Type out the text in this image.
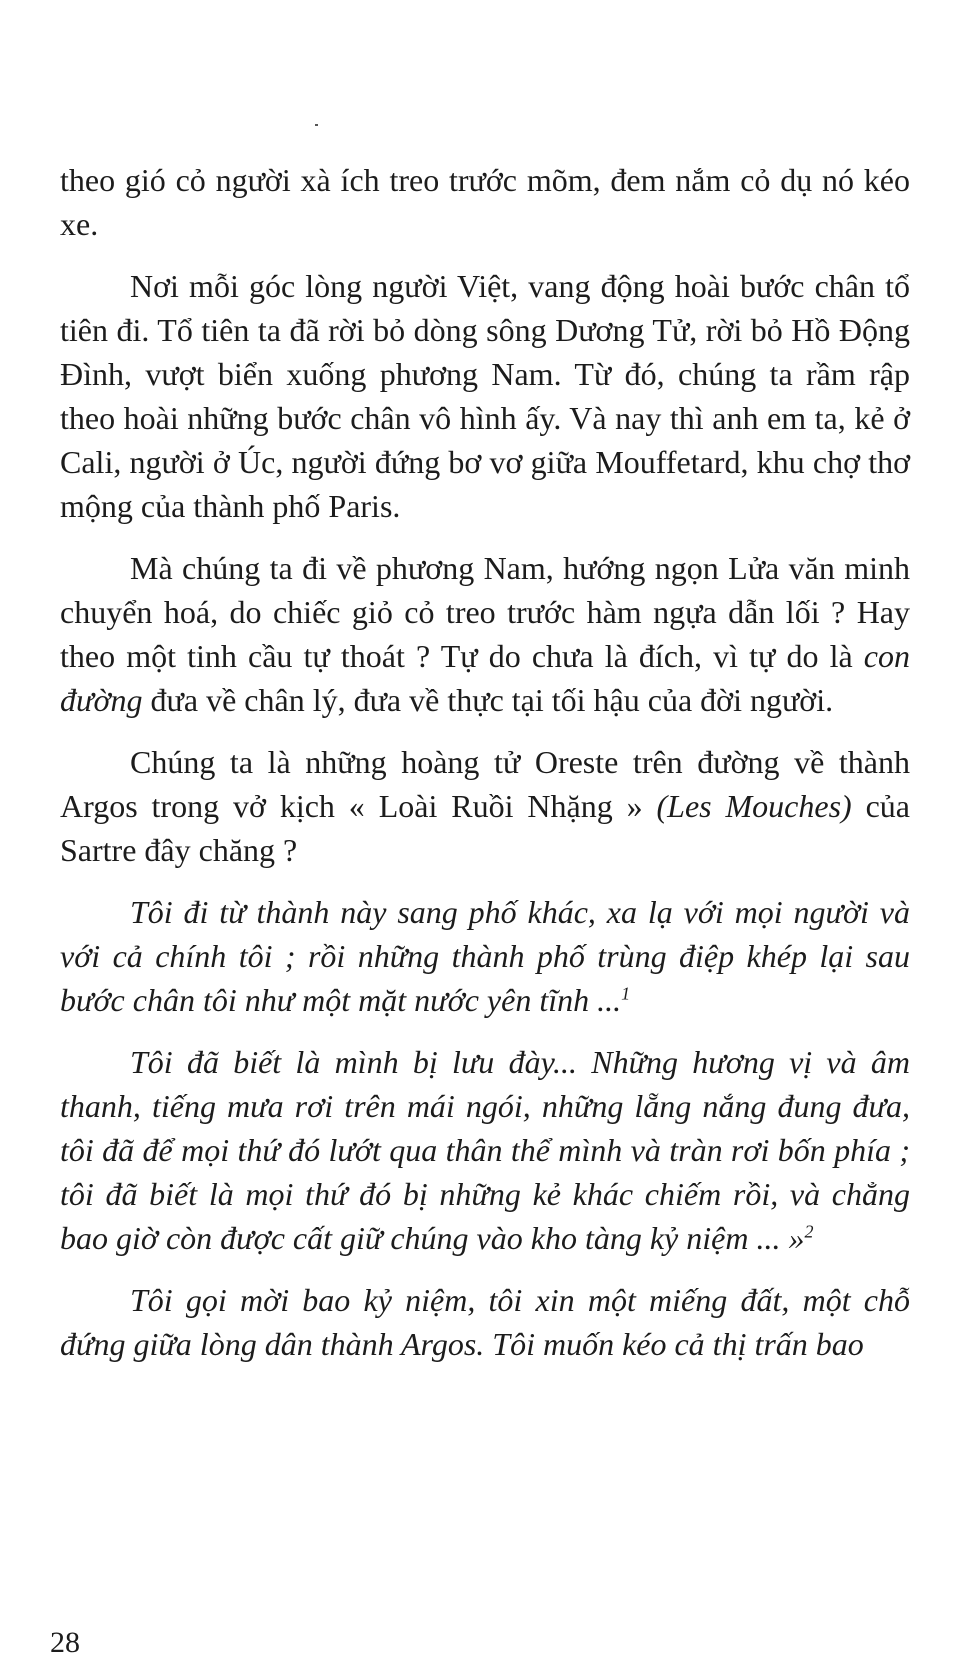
theo gió cỏ người xà ích treo trước mõm, đem nắm cỏ dụ nó kéo xe.

Nơi mỗi góc lòng người Việt, vang động hoài bước chân tổ tiên đi. Tổ tiên ta đã rời bỏ dòng sông Dương Tử, rời bỏ Hồ Động Đình, vượt biển xuống phương Nam. Từ đó, chúng ta rầm rập theo hoài những bước chân vô hình ấy. Và nay thì anh em ta, kẻ ở Cali, người ở Úc, người đứng bơ vơ giữa Mouffetard, khu chợ thơ mộng của thành phố Paris.

Mà chúng ta đi về phương Nam, hướng ngọn Lửa văn minh chuyển hoá, do chiếc giỏ cỏ treo trước hàm ngựa dẫn lối ? Hay theo một tinh cầu tự thoát ? Tự do chưa là đích, vì tự do là con đường đưa về chân lý, đưa về thực tại tối hậu của đời người.

Chúng ta là những hoàng tử Oreste trên đường về thành Argos trong vở kịch « Loài Ruồi Nhặng » (Les Mouches) của Sartre đây chăng ?

Tôi đi từ thành này sang phố khác, xa lạ với mọi người và với cả chính tôi ; rồi những thành phố trùng điệp khép lại sau bước chân tôi như một mặt nước yên tĩnh ...$^1$

Tôi đã biết là mình bị lưu đày... Những hương vị và âm thanh, tiếng mưa rơi trên mái ngói, những lẵng nắng đung đưa, tôi đã để mọi thứ đó lướt qua thân thể mình và tràn rơi bốn phía ; tôi đã biết là mọi thứ đó bị những kẻ khác chiếm rồi, và chẳng bao giờ còn được cất giữ chúng vào kho tàng kỷ niệm ... »$^2$

Tôi gọi mời bao kỷ niệm, tôi xin một miếng đất, một chỗ đứng giữa lòng dân thành Argos. Tôi muốn kéo cả thị trấn bao

28
